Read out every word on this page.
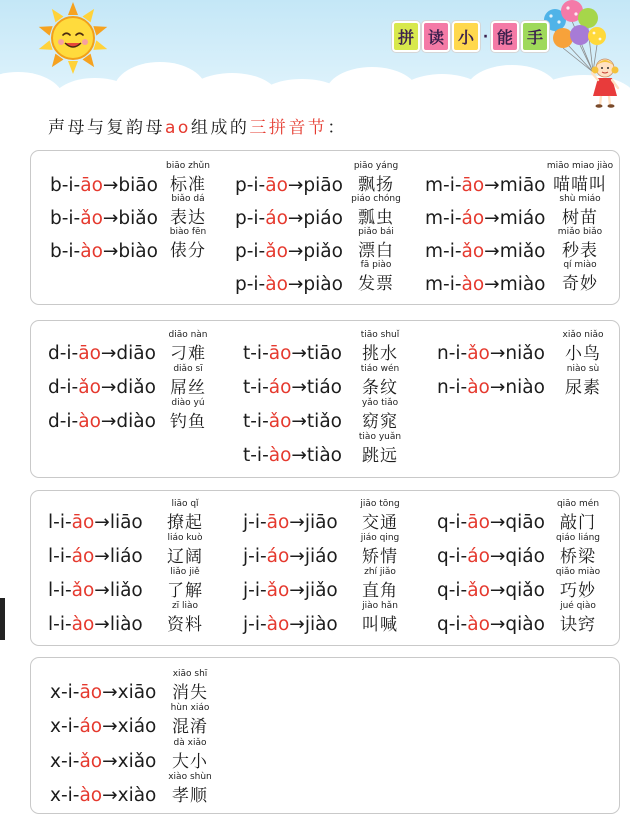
拼 读 小 · 能 手
声母与复韵母 ao 组成的 三拼音节 ：
b-i-āo→biāo
biāo zhǔn
标准
b-i-ǎo→biǎo
biǎo dá
表达
b-i-ào→biào
biào fēn
俵分
p-i-āo→piāo
piāo yáng
飘扬
p-i-áo→piáo
piáo chóng
瓢虫
p-i-ǎo→piǎo
piǎo bái
漂白
p-i-ào→piào
fā piào
发票
m-i-āo→miāo
miāo miao jiào
喵喵叫
m-i-áo→miáo
shù miáo
树苗
m-i-ǎo→miǎo
miǎo biǎo
秒表
m-i-ào→miào
qí miào
奇妙
d-i-āo→diāo
diāo nàn
刁难
d-i-ǎo→diǎo
diǎo sī
屌丝
d-i-ào→diào
diào yú
钓鱼
t-i-āo→tiāo
tiāo shuǐ
挑水
t-i-áo→tiáo
tiáo wén
条纹
t-i-ǎo→tiǎo
yǎo tiǎo
窈窕
t-i-ào→tiào
tiào yuǎn
跳远
n-i-ǎo→niǎo
xiǎo niǎo
小鸟
n-i-ào→niào
niào sù
尿素
l-i-āo→liāo
liāo qǐ
撩起
l-i-áo→liáo
liáo kuò
辽阔
l-i-ǎo→liǎo
liǎo jiě
了解
l-i-ào→liào
zī liào
资料
j-i-āo→jiāo
jiāo tōng
交通
j-i-áo→jiáo
jiáo qing
矫情
j-i-ǎo→jiǎo
zhí jiǎo
直角
j-i-ào→jiào
jiào hǎn
叫喊
q-i-āo→qiāo
qiāo mén
敲门
q-i-áo→qiáo
qiáo liáng
桥梁
q-i-ǎo→qiǎo
qiǎo miào
巧妙
q-i-ào→qiào
jué qiào
诀窍
x-i-āo→xiāo
xiāo shī
消失
x-i-áo→xiáo
hùn xiáo
混淆
x-i-ǎo→xiǎo
dà xiǎo
大小
x-i-ào→xiào
xiào shùn
孝顺
